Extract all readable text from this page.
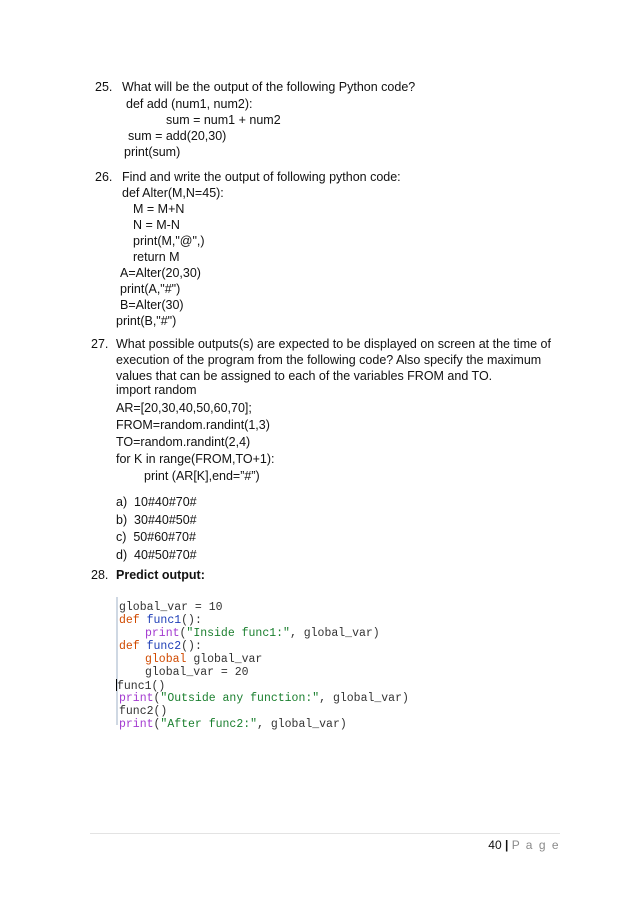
25. What will be the output of the following Python code?
def add (num1, num2):
sum = num1 + num2
sum = add(20,30)
print(sum)
26. Find and write the output of following python code:
def Alter(M,N=45):
M = M+N
N = M-N
print(M,"@",)
return M
A=Alter(20,30)
print(A,"#")
B=Alter(30)
print(B,"#")
27. What possible outputs(s) are expected to be displayed on screen at the time of
execution of the program from the following code? Also specify the maximum
values that can be assigned to each of the variables FROM and TO.
import random
AR=[20,30,40,50,60,70];
FROM=random.randint(1,3)
TO=random.randint(2,4)
for K in range(FROM,TO+1):
print (AR[K],end=”#”)
a)  10#40#70#
b)  30#40#50#
c)  50#60#70#
d)  40#50#70#
28. Predict output:
global_var = 10
def func1():
print("Inside func1:", global_var)
def func2():
global global_var
global_var = 20
func1()
print("Outside any function:", global_var)
func2()
print("After func2:", global_var)
40 | P a g e
